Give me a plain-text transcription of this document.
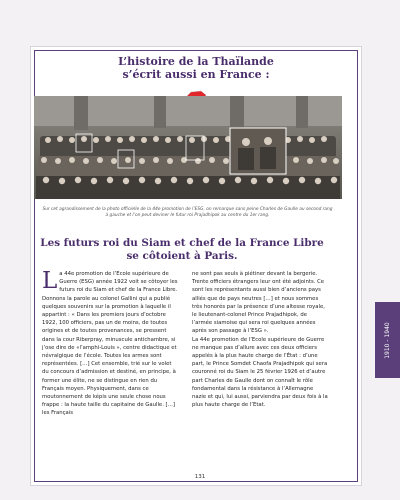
L’histoire de la Thaïlande
s’écrit aussi en France :
Sur cet agrandissement de la photo officielle de la 44e promotion de l’ESG, on remarque sans peine Charles de Gaulle au second rang
à gauche et l’on peut deviner le futur roi Prajadhipok au centre du 1er rang.
Les futurs roi du Siam et chef de la France Libre
se côtoient à Paris.

La 44e promotion de l’Ecole supérieure de Guerre (ESG) année 1922 voit se côtoyer les futurs roi du Siam et chef de la France Libre. Donnons la parole au colonel Gallini qui a publié quelques souvenirs sur la promotion à laquelle il appartint : « Dans les premiers jours d’octobre 1922, 100 officiers, pas un de moins, de toutes origines et de toutes provenances, se pressent dans la cour Riberpray, minuscule antichambre, si j’ose dire de «l’amphi-Louis », centre didactique et névralgique de l’école. Toutes les armes sont représentées. […] Cet ensemble, trié sur le volet du concours d’admission et destiné, en principe, à former une élite, ne se distingue en rien du Français moyen. Physiquement, dans ce moutonnement de képis une seule chose nous frappe : la haute taille du capitaine de Gaulle. […] les Français

ne sont pas seuls à piétiner devant la bergerie. Trente officiers étrangers leur ont été adjoints. Ce sont les représentants aussi bien d’anciens pays alliés que de pays neutres […] et nous sommes très honorés par la présence d’une altesse royale, le lieutenant-colonel Prince Prajadhipok, de l’armée siamoise qui sera roi quelques années après son passage à l’ESG ».

La 44e promotion de l’Ecole supérieure de Guerre ne manque pas d’allure avec ces deux officiers appelés à la plus haute charge de l’État : d’une part, le Prince Somdet Chaofa Prajadhipok qui sera couronné roi du Siam le 25 février 1926 et d’autre part Charles de Gaulle dont on connaît le rôle fondamental dans la résistance à l’Allemagne nazie et qui, lui aussi, parviendra par deux fois à la plus haute charge de l’Etat.

131
1910 - 1940
